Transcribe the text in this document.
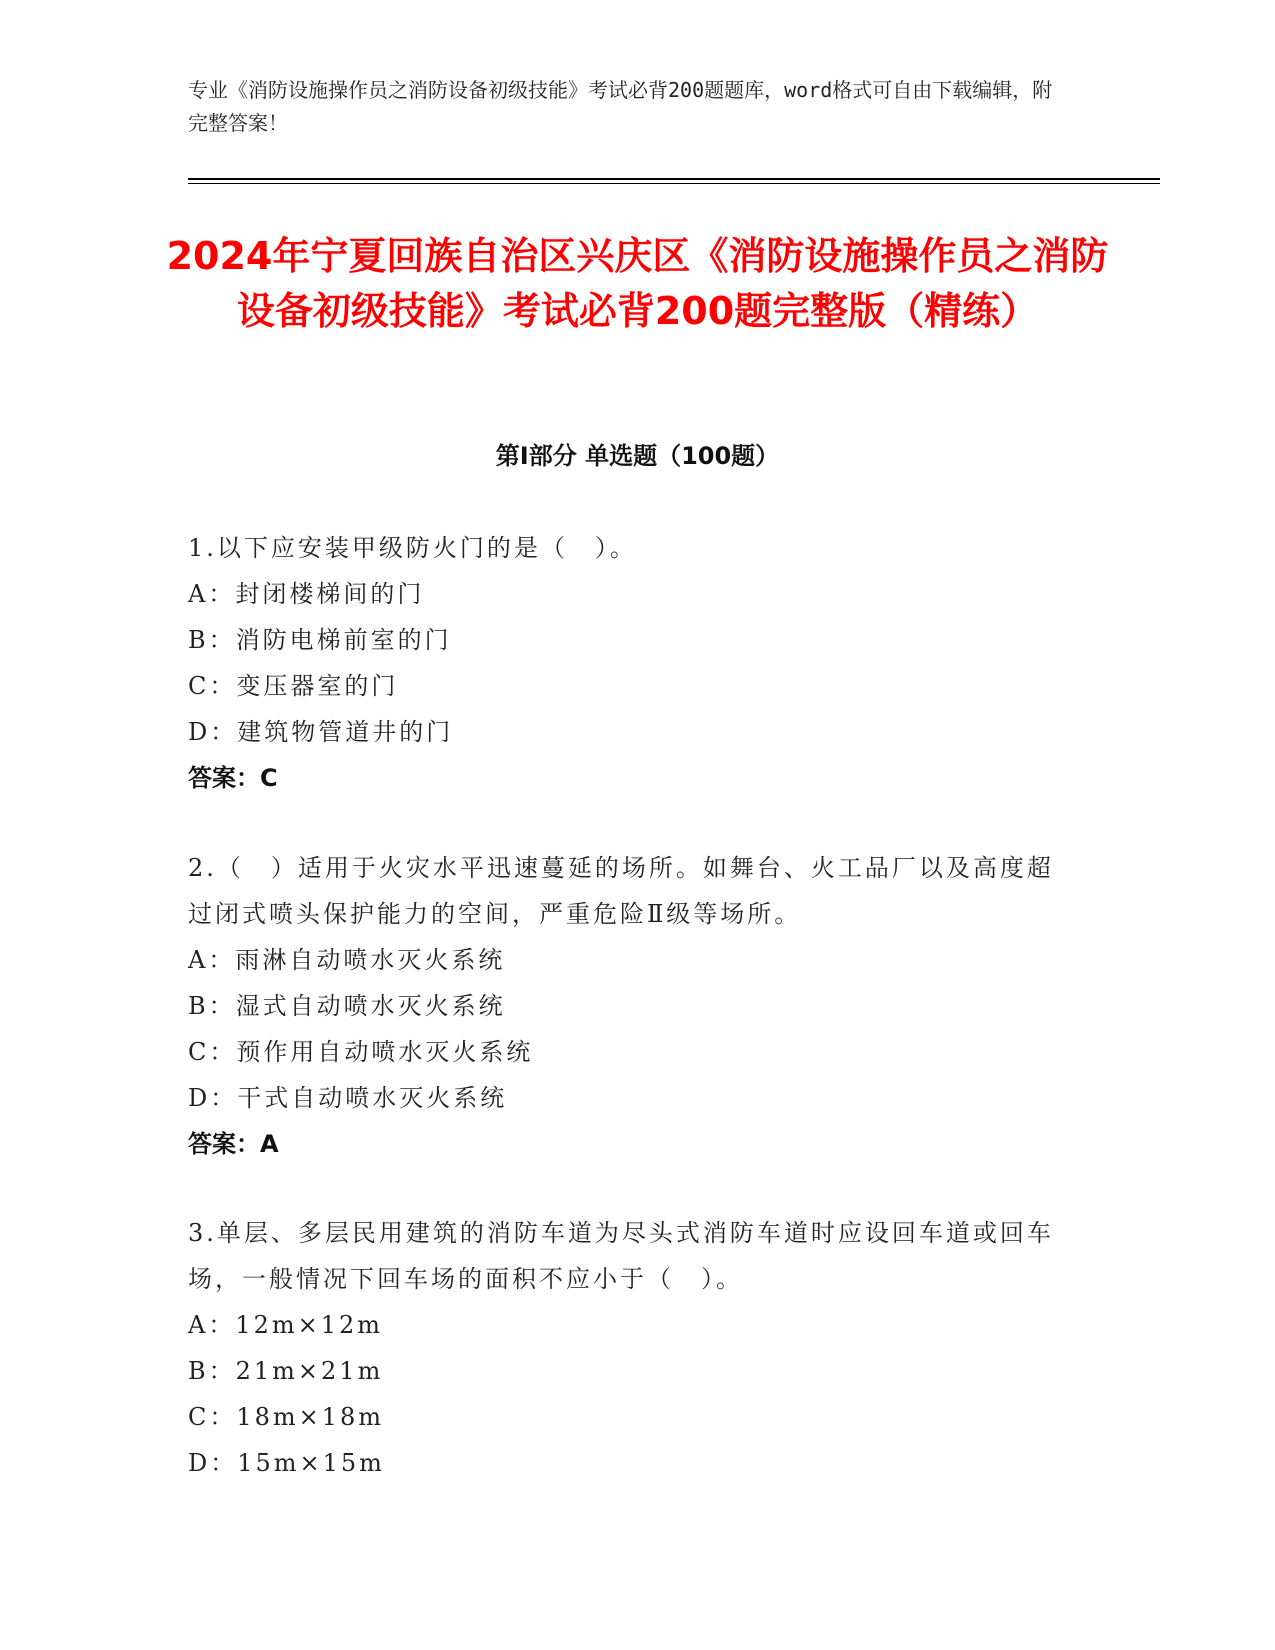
专业《消防设施操作员之消防设备初级技能》考试必背200题题库，word格式可自由下载编辑，附完整答案！

2024年宁夏回族自治区兴庆区《消防设施操作员之消防设备初级技能》考试必背200题完整版（精练）
第I部分 单选题（100题）

1.以下应安装甲级防火门的是（　）。

A：封闭楼梯间的门

B：消防电梯前室的门

C：变压器室的门

D：建筑物管道井的门

答案：C

2.（　）适用于火灾水平迅速蔓延的场所。如舞台、火工品厂以及高度超过闭式喷头保护能力的空间，严重危险Ⅱ级等场所。

A：雨淋自动喷水灭火系统

B：湿式自动喷水灭火系统

C：预作用自动喷水灭火系统

D：干式自动喷水灭火系统

答案：A

3.单层、多层民用建筑的消防车道为尽头式消防车道时应设回车道或回车场，一般情况下回车场的面积不应小于（　）。

A：12m×12m

B：21m×21m

C：18m×18m

D：15m×15m
